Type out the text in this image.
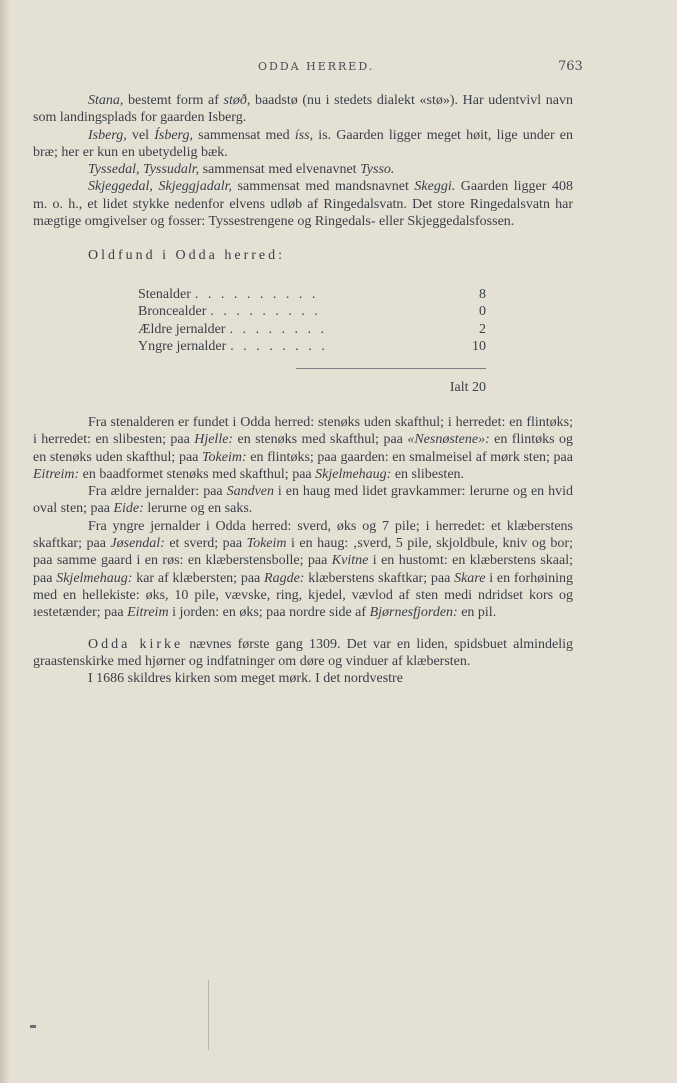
ODDA HERRED.	763

Stana, bestemt form af støð, baadstø (nu i stedets dialekt «stø»). Har udentvivl navn som landingsplads for gaarden Isberg.

Isberg, vel Ísberg, sammensat med íss, is. Gaarden ligger meget høit, lige under en bræ; her er kun en ubetydelig bæk.

Tyssedal, Tyssudalr, sammensat med elvenavnet Tysso.

Skjeggedal, Skjeggjadalr, sammensat med mandsnavnet Skeggi. Gaarden ligger 408 m. o. h., et lidet stykke nedenfor elvens udløb af Ringedalsvatn. Det store Ringedalsvatn har mægtige omgivelser og fosser: Tyssestrengene og Ringedals- eller Skjeggedalsfossen.

Oldfund i Odda herred:

Stenalder . . . . . . . . . .	8
Broncealder . . . . . . . . .	0
Ældre jernalder . . . . . . . .	2
Yngre jernalder . . . . . . . .	10
Ialt 20

Fra stenalderen er fundet i Odda herred: stenøks uden skafthul; i herredet: en flintøks; i herredet: en slibesten; paa Hjelle: en stenøks med skafthul; paa «Nesnøstene»: en flintøks og en stenøks uden skafthul; paa Tokeim: en flintøks; paa gaarden: en smalmeisel af mørk sten; paa Eitreim: en baadformet stenøks med skafthul; paa Skjelmehaug: en slibesten.

Fra ældre jernalder: paa Sandven i en haug med lidet gravkammer: lerurne og en hvid oval sten; paa Eide: lerurne og en saks.

Fra yngre jernalder i Odda herred: sverd, øks og 7 pile; i herredet: et klæberstens skaftkar; paa Jøsendal: et sverd; paa Tokeim i en haug: ‚sverd, 5 pile, skjoldbule, kniv og bor; paa samme gaard i en røs: en klæberstensbolle; paa Kvitne i en hustomt: en klæberstens skaal; paa Skjelmehaug: kar af klæbersten; paa Ragde: klæberstens skaftkar; paa Skare i en forhøining med en hellekiste: øks, 10 pile, vævske, ring, kjedel, vævlod af sten medi ndridset kors og ıestetænder; paa Eitreim i jorden: en øks; paa nordre side af Bjørnesfjorden: en pil.

Odda kirke nævnes første gang 1309. Det var en liden, spidsbuet almindelig graastenskirke med hjørner og indfatninger om døre og vinduer af klæbersten.

I 1686 skildres kirken som meget mørk. I det nordvestre
